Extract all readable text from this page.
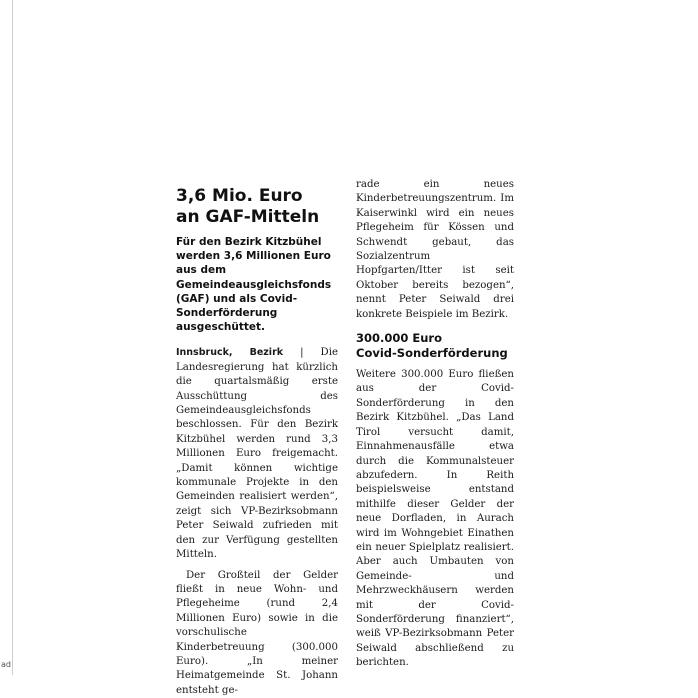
ad
3,6 Mio. Euro
an GAF-Mitteln

Für den Bezirk Kitzbühel werden 3,6 Millionen Euro aus dem Gemeindeausgleichsfonds (GAF) und als Covid-Sonderförderung ausgeschüttet.

Innsbruck, Bezirk | Die Landesregierung hat kürzlich die quartalsmäßig erste Ausschüttung des Gemeindeausgleichsfonds beschlossen. Für den Bezirk Kitzbühel werden rund 3,3 Millionen Euro freigemacht. „Damit können wichtige kommunale Projekte in den Gemeinden realisiert werden“, zeigt sich VP-Bezirksobmann Peter Seiwald zufrieden mit den zur Verfügung gestellten Mitteln.

Der Großteil der Gelder fließt in neue Wohn- und Pflegeheime (rund 2,4 Millionen Euro) sowie in die vorschulische Kinderbetreuung (300.000 Euro). „In meiner Heimatgemeinde St. Johann entsteht ge-

rade ein neues Kinderbetreuungszentrum. Im Kaiserwinkl wird ein neues Pflegeheim für Kössen und Schwendt gebaut, das Sozialzentrum Hopfgarten/Itter ist seit Oktober bereits bezogen“, nennt Peter Seiwald drei konkrete Beispiele im Bezirk.

300.000 Euro
Covid-Sonderförderung

Weitere 300.000 Euro fließen aus der Covid-Sonderförderung in den Bezirk Kitzbühel. „Das Land Tirol versucht damit, Einnahmenausfälle etwa durch die Kommunalsteuer abzufedern. In Reith beispielsweise entstand mithilfe dieser Gelder der neue Dorfladen, in Aurach wird im Wohngebiet Einathen ein neuer Spielplatz realisiert. Aber auch Umbauten von Gemeinde- und Mehrzweckhäusern werden mit der Covid-Sonderförderung finanziert“, weiß VP-Bezirksobmann Peter Seiwald abschließend zu berichten.
